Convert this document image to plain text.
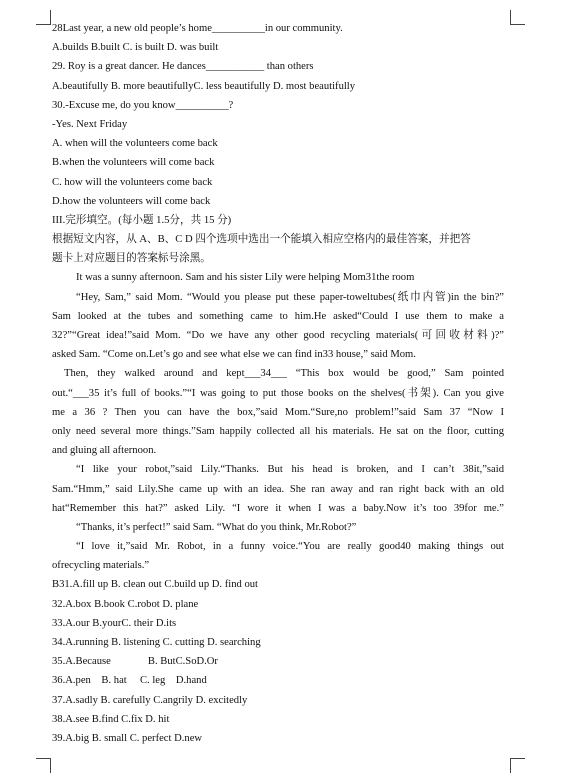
28Last year, a new old people’s home__________in our community.
A.builds B.built C. is built D. was built
29. Roy is a great dancer. He dances___________ than others
A.beautifully B. more beautifullyC. less beautifully D. most beautifully
30.-Excuse me, do you know__________?
-Yes. Next Friday
A. when will the volunteers come back
B.when the volunteers will come back
C. how will the volunteers come back
D.how the volunteers will come back
III.完形填空。(每小题 1.5分，共 15 分)
根据短文内容，从 A、B、C D 四个选项中选出一个能填入相应空格内的最佳答案，并把答
题卡上对应题目的答案标号涂黑。
It was a sunny afternoon. Sam and his sister Lily were helping Mom31the room
“Hey, Sam,” said Mom. “Would you please put these paper-toweltubes(纸巾内管)in the bin?”
Sam looked at the tubes and something came to him.He asked“Could I use them to make a
32?”“Great idea!”said Mom. “Do we have any other good recycling materials(可回收材料)?”
asked Sam. “Come on.Let’s go and see what else we can find in33 house,” said Mom.
Then, they walked around and kept___34___ “This box would be good,” Sam pointed
out.“___35 it’s full of books.”“I was going to put those books on the shelves(书架). Can you give
me a 36 ? Then you can have the box,”said Mom.“Sure,no problem!”said Sam 37 “Now I
only need several more things.”Sam happily collected all his materials. He sat on the floor, cutting
and gluing all afternoon.
“I like your robot,”said Lily.“Thanks. But his head is broken, and I can’t 38it,”said
Sam.“Hmm,” said Lily.She came up with an idea. She ran away and ran right back with an old
hat“Remember this hat?” asked Lily. “I wore it when I was a baby.Now it’s too 39for me.”
“Thanks, it’s perfect!” said Sam. “What do you think, Mr.Robot?”
“I love it,”said Mr. Robot, in a funny voice.“You are really good40 making things out
ofrecycling materials.”
B31.A.fill up B. clean out C.build up D. find out
32.A.box B.book C.robot D. plane
33.A.our B.yourC. their D.its
34.A.running B. listening C. cutting D. searching
35.A.Because              B. ButC.SoD.Or
36.A.pen    B. hat     C. leg    D.hand
37.A.sadly B. carefully C.angrily D. excitedly
38.A.see B.find C.fix D. hit
39.A.big B. small C. perfect D.new
